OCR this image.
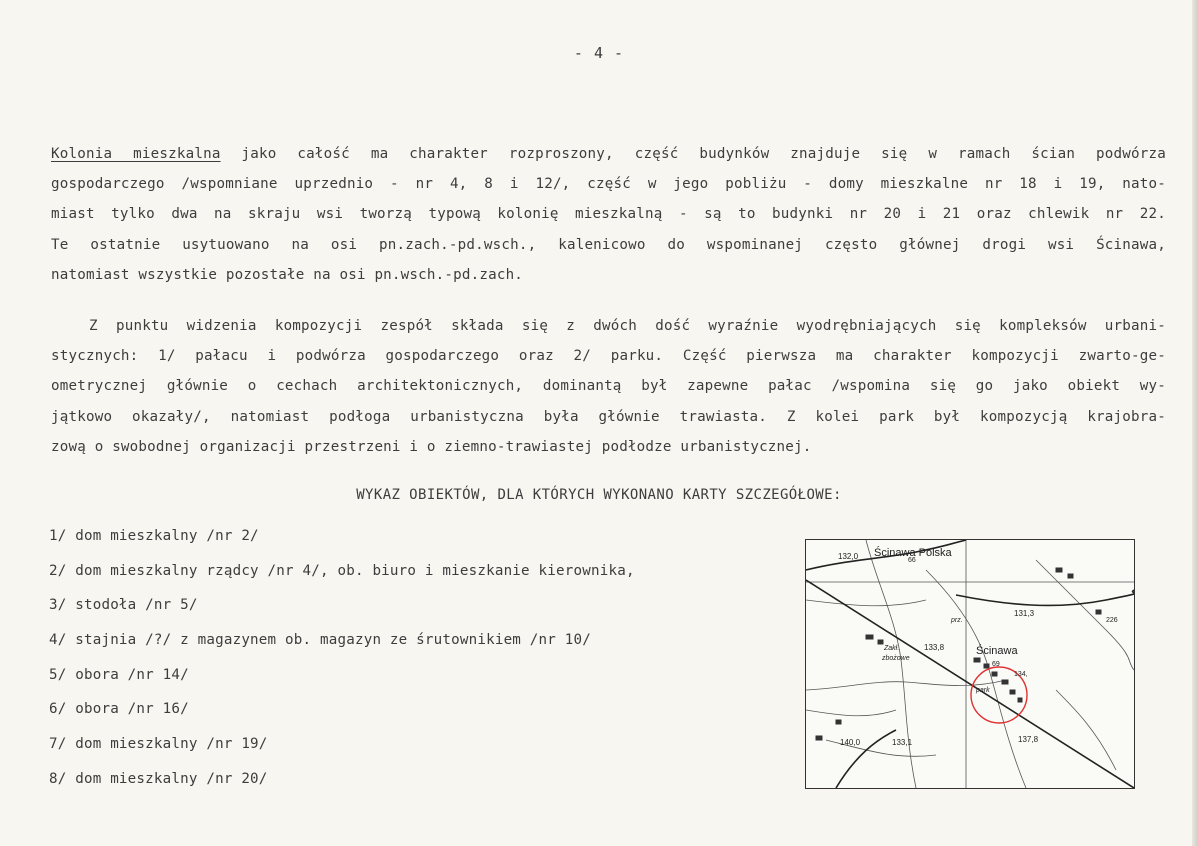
- 4 -
Kolonia mieszkalna jako całość ma charakter rozproszony, część budynków znajduje się w ramach ścian podwórza
gospodarczego /wspomniane uprzednio - nr 4, 8 i 12/, część w jego pobliżu - domy mieszkalne nr 18 i 19, nato-
miast tylko dwa na skraju wsi tworzą typową kolonię mieszkalną - są to budynki nr 20 i 21 oraz chlewik nr 22.
Te ostatnie usytuowano na osi pn.zach.-pd.wsch., kalenicowo do wspominanej często głównej drogi wsi Ścinawa,
natomiast wszystkie pozostałe na osi pn.wsch.-pd.zach.
Z punktu widzenia kompozycji zespół składa się z dwóch dość wyraźnie wyodrębniających się kompleksów urbani-
stycznych: 1/ pałacu i podwórza gospodarczego oraz 2/ parku. Część pierwsza ma charakter kompozycji zwarto-ge-
ometrycznej głównie o cechach architektonicznych, dominantą był zapewne pałac /wspomina się go jako obiekt wy-
jątkowo okazały/, natomiast podłoga urbanistyczna była głównie trawiasta. Z kolei park był kompozycją krajobra-
zową o swobodnej organizacji przestrzeni i o ziemno-trawiastej podłodze urbanistycznej.
WYKAZ OBIEKTÓW, DLA KTÓRYCH WYKONANO KARTY SZCZEGÓŁOWE:
1/ dom mieszkalny /nr 2/
2/ dom mieszkalny rządcy /nr 4/, ob. biuro i mieszkanie kierownika,
3/ stodoła /nr 5/
4/ stajnia /?/ z magazynem ob. magazyn ze śrutownikiem /nr 10/
5/ obora /nr 14/
6/ obora /nr 16/
7/ dom mieszkalny /nr 19/
8/ dom mieszkalny /nr 20/
Ścinawa Polska
132,0	66
131,3
226
prz.
Ścinawa
Zakł.
zbożowe
133,8
69
134,
park
140,0	133,1	137,8
